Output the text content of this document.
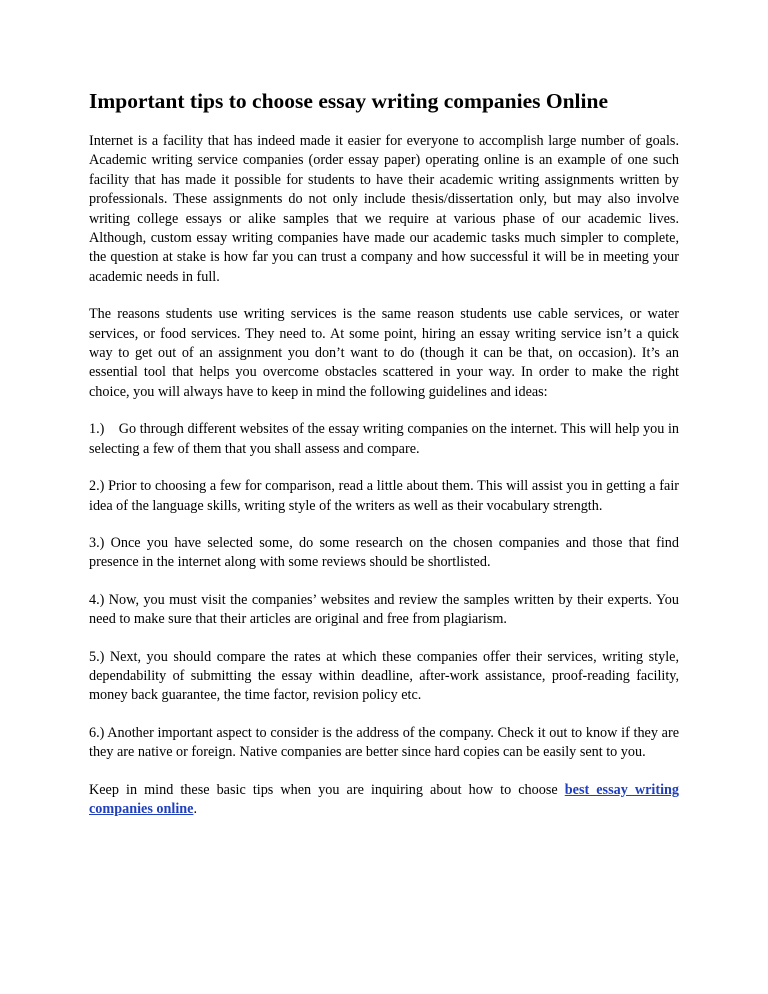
Important tips to choose essay writing companies Online

Internet is a facility that has indeed made it easier for everyone to accomplish large number of goals. Academic writing service companies (order essay paper) operating online is an example of one such facility that has made it possible for students to have their academic writing assignments written by professionals. These assignments do not only include thesis/dissertation only, but may also involve writing college essays or alike samples that we require at various phase of our academic lives. Although, custom essay writing companies have made our academic tasks much simpler to complete, the question at stake is how far you can trust a company and how successful it will be in meeting your academic needs in full.

The reasons students use writing services is the same reason students use cable services, or water services, or food services. They need to. At some point, hiring an essay writing service isn’t a quick way to get out of an assignment you don’t want to do (though it can be that, on occasion). It’s an essential tool that helps you overcome obstacles scattered in your way. In order to make the right choice, you will always have to keep in mind the following guidelines and ideas:

1.)    Go through different websites of the essay writing companies on the internet. This will help you in selecting a few of them that you shall assess and compare.

2.) Prior to choosing a few for comparison, read a little about them. This will assist you in getting a fair idea of the language skills, writing style of the writers as well as their vocabulary strength.

3.) Once you have selected some, do some research on the chosen companies and those that find presence in the internet along with some reviews should be shortlisted.

4.) Now, you must visit the companies’ websites and review the samples written by their experts. You need to make sure that their articles are original and free from plagiarism.

5.) Next, you should compare the rates at which these companies offer their services, writing style, dependability of submitting the essay within deadline, after-work assistance, proof-reading facility, money back guarantee, the time factor, revision policy etc.

6.) Another important aspect to consider is the address of the company. Check it out to know if they are they are native or foreign. Native companies are better since hard copies can be easily sent to you.

Keep in mind these basic tips when you are inquiring about how to choose best essay writing companies online.
